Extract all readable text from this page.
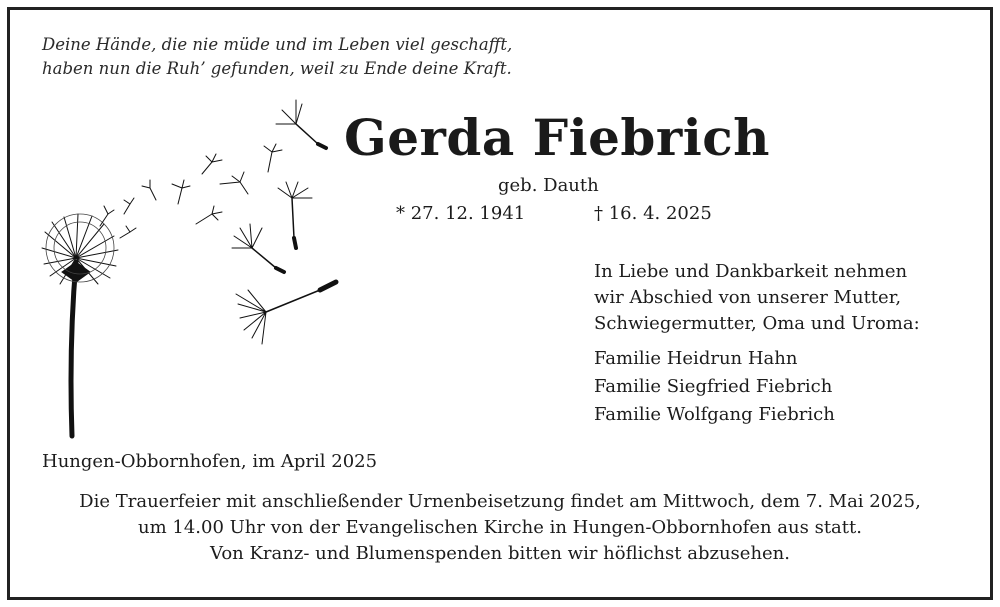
Deine Hände, die nie müde und im Leben viel geschafft,
haben nun die Ruh’ gefunden, weil zu Ende deine Kraft.
Gerda Fiebrich
geb. Dauth
* 27. 12. 1941	† 16. 4. 2025
In Liebe und Dankbarkeit nehmen
wir Abschied von unserer Mutter,
Schwiegermutter, Oma und Uroma:
Familie Heidrun Hahn
Familie Siegfried Fiebrich
Familie Wolfgang Fiebrich
Hungen-Obbornhofen, im April 2025
Die Trauerfeier mit anschließender Urnenbeisetzung findet am Mittwoch, dem 7. Mai 2025,
um 14.00 Uhr von der Evangelischen Kirche in Hungen-Obbornhofen aus statt.
Von Kranz- und Blumenspenden bitten wir höflichst abzusehen.
